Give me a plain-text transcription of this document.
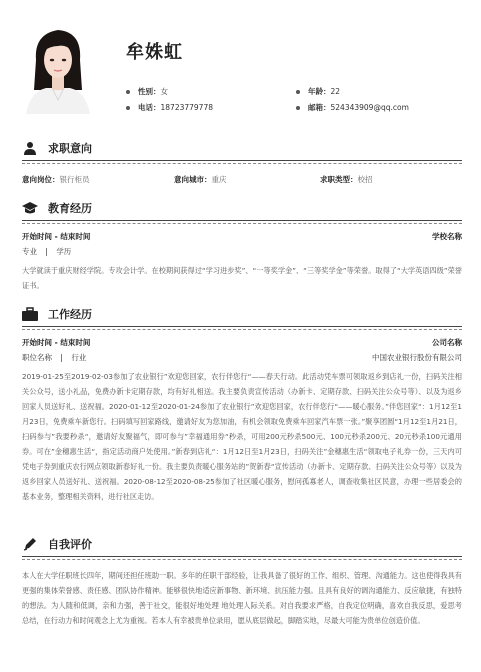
牟姝虹
性别：女	年龄：22
电话：18723779778	邮箱：524343909@qq.com
求职意向
意向岗位：银行柜员	意向城市：重庆	求职类型：校招
教育经历
开始时间 - 结束时间	学校名称
专业 | 学历
大学就读于重庆财经学院。专攻会计学。在校期间获得过“学习进步奖”、“一等奖学金”、“三等奖学金”等荣誉。取得了“大学英语四级”荣誉证书。
工作经历
开始时间 - 结束时间	公司名称
职位名称 | 行业	中国农业银行股份有限公司
2019-01-25至2019-02-03参加了农业银行”欢迎您回家，农行伴您行“——春天行动。此活动凭车票可领取返乡到店礼一份，扫码关注相关公众号，送小礼品，免费办新卡定期存款，均有好礼相送。我主要负责宣传活动（办新卡、定期存款、扫码关注公众号等）、以及为返乡回家人员送好礼、送祝福。2020-01-12至2020-01-24参加了农业银行”欢迎您回家，农行伴您行“——暖心服务。”伴您回家“：1月12至1月23日，免费乘车新您行。扫码填写回家路线，邀请好友为您加油，有机会领取免费乘车回家汽车票一张。”聚享团圆“1月12至1月21日，扫码参与”我要秒杀“，邀请好友聚福气，即可参与”幸福通用券“秒杀，可用200元秒杀500元、100元秒杀200元、20元秒杀100元通用券。可在”金穗惠生活“，指定活动商户处使用。”新春到店礼“：1月12日至1月23日，扫码关注”金穗惠生活“领取电子礼券一份，三天内可凭电子券到重庆农行网点领取新春好礼一份。我主要负责暖心服务站的”贺新春“宣传活动（办新卡、定期存款、扫码关注公众号等）以及为返乡回家人员送好礼、送祝福。2020-08-12至2020-08-25参加了社区暖心服务，慰问孤寡老人，调查收集社区民意，办理一些居委会的基本业务，整理相关资料，进行社区走访。
自我评价
本人在大学任职班长四年，期间还担任班助一职。多年的任职干部经验，让我具备了很好的工作、组织、管理、沟通能力。这也使得我具有更强的集体荣誉感、责任感、团队协作精神。能够很快地适应新事物、新环境、抗压能力强。且具有良好的调沟通能力、反应敏捷，有独特的想法。为人随和低调，亲和力强，善于社交，能很好地处理 地处理人际关系。对自我要求严格，自我定位明确，喜欢自我反思，爱思考总结，在行动力和时间观念上尤为重视。若本人有幸被贵单位录用，愿从底层做起，脚踏实地，尽最大可能为贵单位创造价值。
